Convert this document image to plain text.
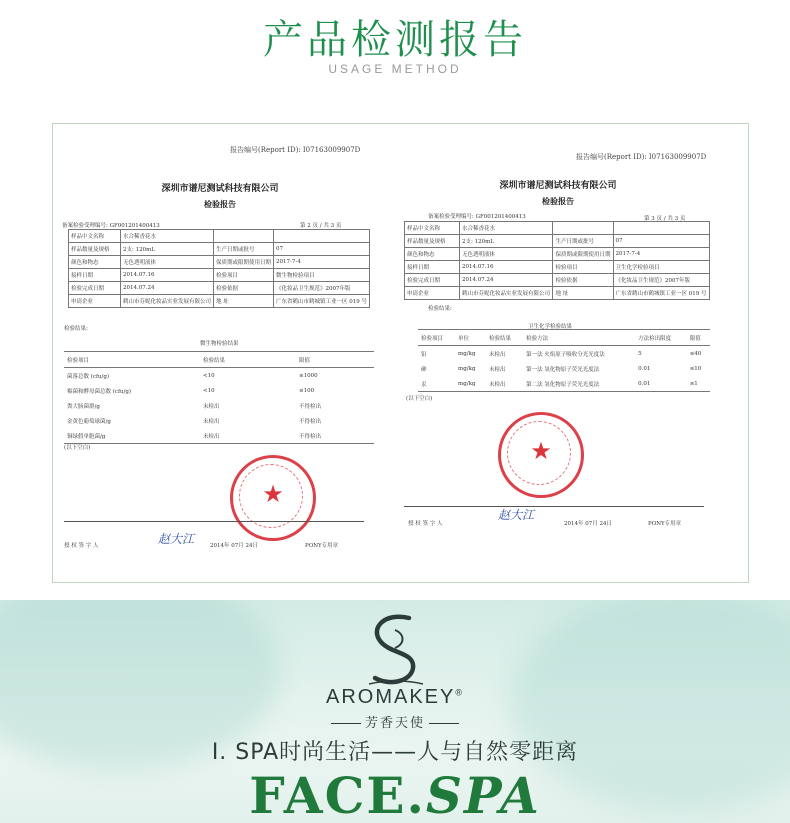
产品检测报告
USAGE METHOD
报告编号(Report ID): I07163009907D
深圳市谱尼测试科技有限公司
检验报告
备案检验受理编号: GF001201400413	第 2 页 / 共 3 页
样品中文名称	水合稀香花水		
样品数量及规格	2支: 120mL	生产日期或批号	07
颜色和物态	无色透明液体	保质期或限期使用日期	2017-7-4
接样日期	2014.07.16	检验项目	微生物检验项目
检验完成日期	2014.07.24	检验依据	《化妆品卫生规范》2007年版
申请企业	鹤山市芬妮化妆品实业发展有限公司	地 址	广东省鹤山市鹤城镇工业一区 019 号
检验结果:
微生物检验结果
检验项目	检验结果	限值
菌落总数 (cfu/g)	<10	≤1000
霉菌和酵母菌总数 (cfu/g)	<10	≤100
粪大肠菌群/g	未检出	不得检出
金黄色葡萄球菌/g	未检出	不得检出
铜绿假单胞菌/g	未检出	不得检出
(以下空白)
★
授 权 签 字 人	赵大江	2014年 07月 24日	PONY专用章
报告编号(Report ID): I07163009907D
深圳市谱尼测试科技有限公司
检验报告
备案检验受理编号: GF001201400413	第 3 页 / 共 3 页
样品中文名称	水合稀香花水		
样品数量及规格	2支: 120mL	生产日期或批号	07
颜色和物态	无色透明液体	保质期或限期使用日期	2017-7-4
接样日期	2014.07.16	检验项目	卫生化学检验项目
检验完成日期	2014.07.24	检验依据	《化妆品卫生规范》2007年版
申请企业	鹤山市芬妮化妆品实业发展有限公司	地 址	广东省鹤山市鹤城镇工业一区 019 号
检验结果:
卫生化学检验结果
检验项目	单位	检验结果	检验方法	方法检出限度	限值
铅	mg/kg	未检出	第一法 火焰原子吸收分光光度法	5	≤40
砷	mg/kg	未检出	第一法 氢化物原子荧光光度法	0.01	≤10
汞	mg/kg	未检出	第二法 氢化物原子荧光光度法	0.01	≤1
(以下空白)
★
授 权 签 字 人
赵大江
2014年 07月 24日	PONY专用章
AROMAKEY®
芳香天使
I. SPA时尚生活——人与自然零距离
FACE.SPA
